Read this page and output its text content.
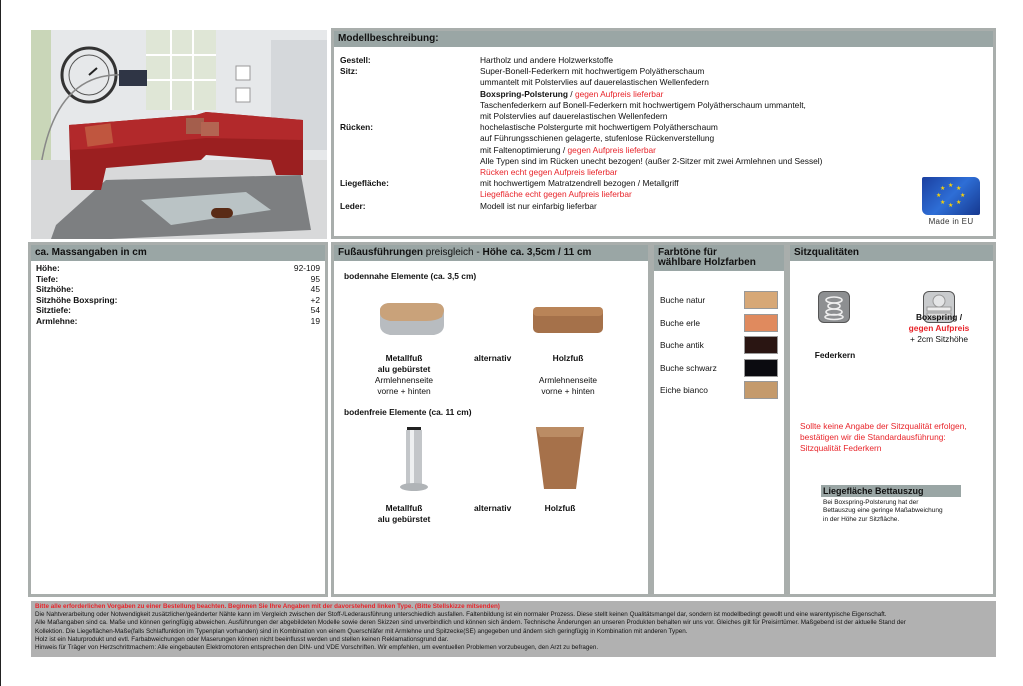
Modellbeschreibung:
Gestell:	Hartholz und andere Holzwerkstoffe
Sitz:	Super-Bonell-Federkern mit hochwertigem Polyätherschaum
ummantelt mit Polstervlies auf dauerelastischen Wellenfedern
Boxspring-Polsterung / gegen Aufpreis lieferbar
Taschenfederkern auf Bonell-Federkern mit hochwertigem Polyätherschaum ummantelt,
mit Polstervlies auf dauerelastischen Wellenfedern
Rücken:	hochelastische Polstergurte mit hochwertigem Polyätherschaum
auf Führungsschienen gelagerte, stufenlose Rückenverstellung
mit Faltenoptimierung / gegen Aufpreis lieferbar
Alle Typen sind im Rücken unecht bezogen! (außer 2-Sitzer mit zwei Armlehnen und Sessel)
Rücken echt gegen Aufpreis lieferbar
Liegefläche:	mit hochwertigem Matratzendrell bezogen / Metallgriff
Liegefläche echt gegen Aufpreis lieferbar
Leder:	Modell ist nur einfarbig lieferbar
★ ★
★
★
★
★
★
★
Made in EU
ca. Massangaben in cm
Höhe:	92-109
Tiefe:	95
Sitzhöhe:	45
Sitzhöhe Boxspring:	+2
Sitztiefe:	54
Armlehne:	19
Fußausführungen preisgleich - Höhe ca. 3,5cm / 11 cm
bodennahe Elemente (ca. 3,5 cm)
Metallfuß
alu gebürstet
Armlehnenseite
vorne + hinten
alternativ	Holzfuß

Armlehnenseite
vorne + hinten
bodenfreie Elemente (ca. 11 cm)
Metallfuß
alu gebürstet
alternativ	Holzfuß
Farbtöne für
wählbare Holzfarben
Buche natur
Buche erle
Buche antik
Buche schwarz
Eiche bianco
Sitzqualitäten
Federkern
Boxspring /
gegen Aufpreis
+ 2cm Sitzhöhe
Sollte keine Angabe der Sitzqualität erfolgen,
bestätigen wir die Standardausführung:
Sitzqualität Federkern
Liegefläche Bettauszug
Bei Boxspring-Polsterung hat der
Bettauszug eine geringe Maßabweichung
in der Höhe zur Sitzfläche.
Bitte alle erforderlichen Vorgaben zu einer Bestellung beachten. Beginnen Sie Ihre Angaben mit der davorstehend linken Type. (Bitte Stellskizze mitsenden)
Die Nahtverarbeitung oder Notwendigkeit zusätzlicher/geänderter Nähte kann im Vergleich zwischen der Stoff-/Lederausführung unterschiedlich ausfallen. Faltenbildung ist ein normaler Prozess. Diese stellt keinen Qualitätsmangel dar, sondern ist modellbedingt gewollt und eine warentypische Eigenschaft.
Alle Maßangaben sind ca. Maße und können geringfügig abweichen. Ausführungen der abgebildeten Modelle sowie deren Skizzen sind unverbindlich und können sich ändern. Technische Änderungen an unseren Produkten behalten wir uns vor. Gleiches gilt für Preisirrtümer. Maßgebend ist der aktuelle Stand der
Kollektion. Die Liegeflächen-Maße(falls Schlaffunktion im Typenplan vorhanden) sind in Kombination von einem Querschläfer mit Armlehne und Spitzecke(SE) angegeben und ändern sich geringfügig in Kombination mit anderen Typen.
Holz ist ein Naturprodukt und evtl. Farbabweichungen oder Maserungen können nicht beeinflusst werden und stellen keinen Reklamationsgrund dar.
Hinweis für Träger von Herzschrittmachern: Alle eingebauten Elektromotoren entsprechen den DIN- und VDE Vorschriften. Wir empfehlen, um eventuellen Problemen vorzubeugen, den Arzt zu befragen.
